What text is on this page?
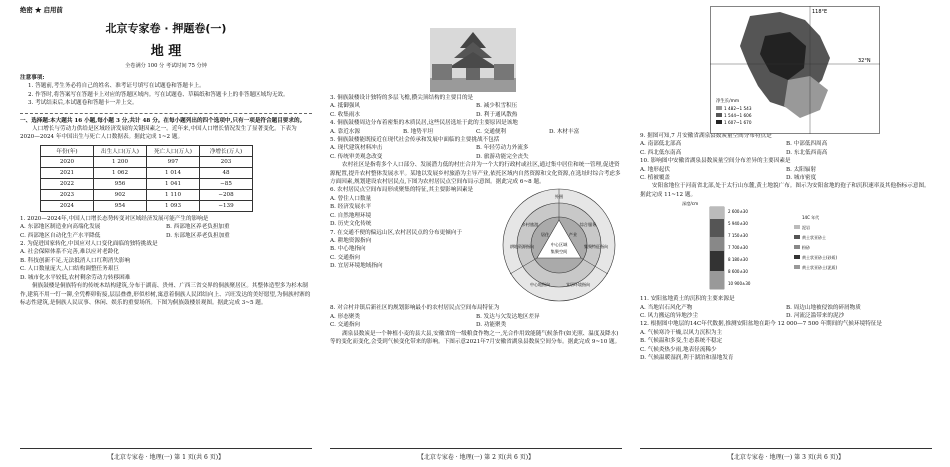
绝密 ★ 启用前

北京专家卷 · 押题卷(一)

地 理

全卷满分 100 分 考试时间 75 分钟

注意事项:

1. 答题前,考生务必将自己的姓名、准考证号填写在试题卷和答题卡上。

2. 作答时,将答案写在答题卡上对应的答题区域内。写在试题卷、草稿纸和答题卡上的非答题区域均无效。

3. 考试结束后,本试题卷和答题卡一并上交。

一、选择题:本大题共 16 小题,每小题 3 分,共计 48 分。在每小题列出的四个选项中,只有一项是符合题目要求的。

人口增长与劳动力供给是区域经济发展的关键因素之一。近年来,中国人口增长情况发生了显著变化。下表为 2020—2024 年中国出生与死亡人口数据表。据此完成 1~2 题。

年份(年)	出生人口(万人)	死亡人口(万人)	净增长(万人)
2020	1 200	997	203
2021	1 062	1 014	48
2022	956	1 041	−85
2023	902	1 110	−208
2024	954	1 093	−139

1. 2020—2024年,中国人口增长态势转变对区域经济发展可能产生的影响是

A. 东部地区制造业向高端化发展	B. 西部地区养老负担加重
C. 西部地区自动化生产水平降低	D. 东部地区养老负担加重

2. 为促进国家转化,中国应对人口变化面临的独特挑战是

A. 社会保障体系不完善,难以应对老龄化

B. 科技创新不足,无法抵消人口红利消失影响

C. 人口数量庞大,人口结构调整任务艰巨

D. 城市化水平较低,农村剩余劳动力转移困难

侗族鼓楼是侗族特有的传统木结构建筑,分布于湖南、贵州、广西三省交界的侗族聚居区。其整体造型多为杉木制作,建筑不用一钉一铆,全凭榫卯衔接,层层叠叠,形似杉树,寓意着侗族人民团结向上、兴旺发达的美好愿望,为侗族村寨的标志性建筑,是侗族人民议事、休闲、娱乐的重要场所。下图为侗族鼓楼景观图。据此完成 3~5 题。

【北京专家卷 · 地理(一) 第 1 页(共 6 页)】

3. 侗族鼓楼设计独特的多层飞檐,攒尖顶结构的主要目的是

A. 抵御强风	B. 减少积雪积压
C. 收集雨水	D. 利于通风散热

4. 侗族鼓楼周边分布着密集的木质民居,这些民居选址于此的主要原因是该地

A. 靠近水源	B. 地势平坦	C. 交通便利	D. 木材丰富

5. 侗族鼓楼能既接近在现代社会传承和发展中面临的主要挑战不包括

A. 现代建筑材料冲击	B. 年轻劳动力外流多
C. 传统审美观念改变	D. 旅游功能完全丧失

农村社区是指将多个人口部分、发展潜力低的村庄合并为一个大的行政村或社区,通过集中居住和统一管理,促进资源配置,提升农村整体发展水平。某地以发展乡村旅游为主导产业,依托区域内自然资源和文化资源,在选址时综合考虑多方面因素,规划建设农村居民点,下图为农村居民点空间布局示意图。据此完成 6~8 题。

6. 农村居民点空间布局形成聚集的特征,其主要影响因素是

A. 曾住人口数量

B. 经济发展水平

C. 自然地理环境

D. 历史文化传统

7. 在交通不便的偏远山区,农村居民点的分布更倾向于

A. 耕地资源指向

B. 中心地指向

C. 交通指向

D. 宜居环境地域指向

外围
乡村旅游	综合服务
居住	产业
中心区域
集聚空间
耕地资源指向	集聚特征指向
中心地指向	宜居环境指向

8. 对合村并镇后新社区的规划影响最小的农村居民点空间布局特征为

A. 形态聚类	B. 发达与欠发达地区差异
C. 交通指向	D. 功能聚类

湖泉县数炭是一个种植小麦的县大县,安徽省的一级粮食作物之一,光合作用效能随气候条件(如光照、温度及降水)等的变化而变化,会受到气候变化带来的影响。下图示意2021年7月安徽省湖泉县数炭空间分布。据此完成 9~10 题。

【北京专家卷 · 地理(一) 第 2 页(共 6 页)】
118°E
32°N
净生长/mm
1 482~1 543
1 544~1 606
1 607~1 670

9. 据图可知,7 月安徽省湖泉县数炭量空间分布特点是

A. 南部低北部高	B. 中部低四周高
C. 西北低东南高	D. 东北低西南高

10. 影响图中安徽省湖泉县数炭量空间分布差异的主要因素是

A. 地形起伏	B. 太阳辐射
C. 植被覆盖	D. 城市密度

安阳盆地位于河南省北部,处于太行山东麓,黄土地貌广布。图示为安阳盆地的孢子和沉积速率及其他指标示意图。据此完成 11~12 题。

深度/cm
2 600±30
5 940±30
7 150±30
7 700±30
8 180±30
8 600±30
10 900±30
14C 年代
泥岩
黄土状亚砂土
粉砂
黄土状亚砂土(砂质)
黄土状亚砂土(泥质)

11. 安阳盆地黄土的沉积的主要来源是

A. 当地岩石风化产物	B. 周边山地被侵蚀的碎屑物质
C. 风力搬运的异地沙尘	D. 河流泛滥带来的泥沙

12. 根据图中地层的14C年代数据,推测安阳盆地在距今 12 000—7 500 年期间的气候环境特征是

A. 气候寒冷干燥,以风力沉积为主

B. 气候温和多变,生态系统不稳定

C. 气候炎热少雨,地表径流稀少

D. 气候温暖湿润,利于湖泊和湿地发育

【北京专家卷 · 地理(一) 第 3 页(共 6 页)】
